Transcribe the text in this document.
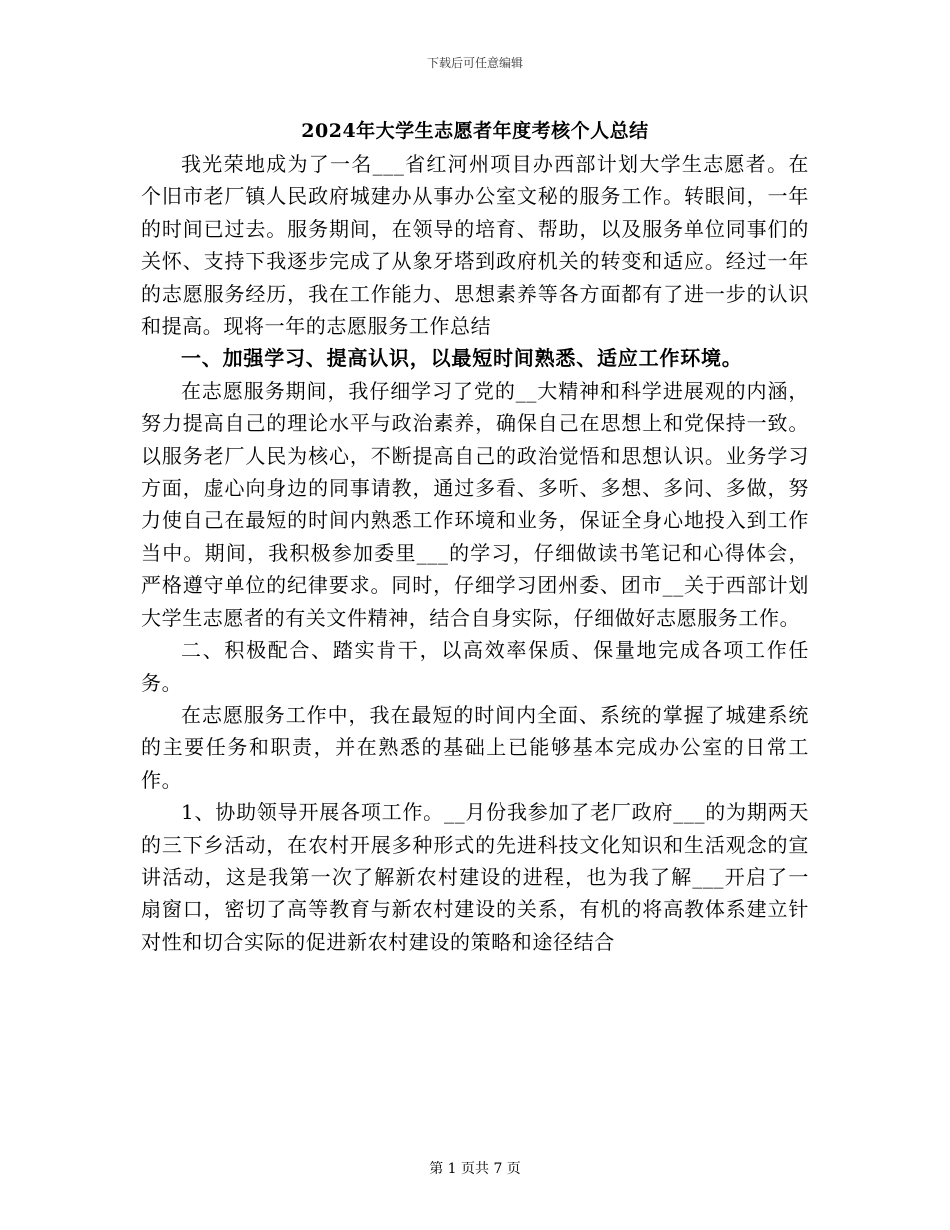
下载后可任意编辑
2024年大学生志愿者年度考核个人总结

我光荣地成为了一名___省红河州项目办西部计划大学生志愿者。在个旧市老厂镇人民政府城建办从事办公室文秘的服务工作。转眼间，一年的时间已过去。服务期间，在领导的培育、帮助，以及服务单位同事们的关怀、支持下我逐步完成了从象牙塔到政府机关的转变和适应。经过一年的志愿服务经历，我在工作能力、思想素养等各方面都有了进一步的认识和提高。现将一年的志愿服务工作总结

一、加强学习、提高认识，以最短时间熟悉、适应工作环境。

在志愿服务期间，我仔细学习了党的__大精神和科学进展观的内涵，努力提高自己的理论水平与政治素养，确保自己在思想上和党保持一致。以服务老厂人民为核心，不断提高自己的政治觉悟和思想认识。业务学习方面，虚心向身边的同事请教，通过多看、多听、多想、多问、多做，努力使自己在最短的时间内熟悉工作环境和业务，保证全身心地投入到工作当中。期间，我积极参加委里___的学习，仔细做读书笔记和心得体会，严格遵守单位的纪律要求。同时，仔细学习团州委、团市__关于西部计划大学生志愿者的有关文件精神，结合自身实际，仔细做好志愿服务工作。

二、积极配合、踏实肯干，以高效率保质、保量地完成各项工作任务。

在志愿服务工作中，我在最短的时间内全面、系统的掌握了城建系统的主要任务和职责，并在熟悉的基础上已能够基本完成办公室的日常工作。

1、协助领导开展各项工作。__月份我参加了老厂政府___的为期两天的三下乡活动，在农村开展多种形式的先进科技文化知识和生活观念的宣讲活动，这是我第一次了解新农村建设的进程，也为我了解___开启了一扇窗口，密切了高等教育与新农村建设的关系，有机的将高教体系建立针对性和切合实际的促进新农村建设的策略和途径结合

第 1 页共 7 页
